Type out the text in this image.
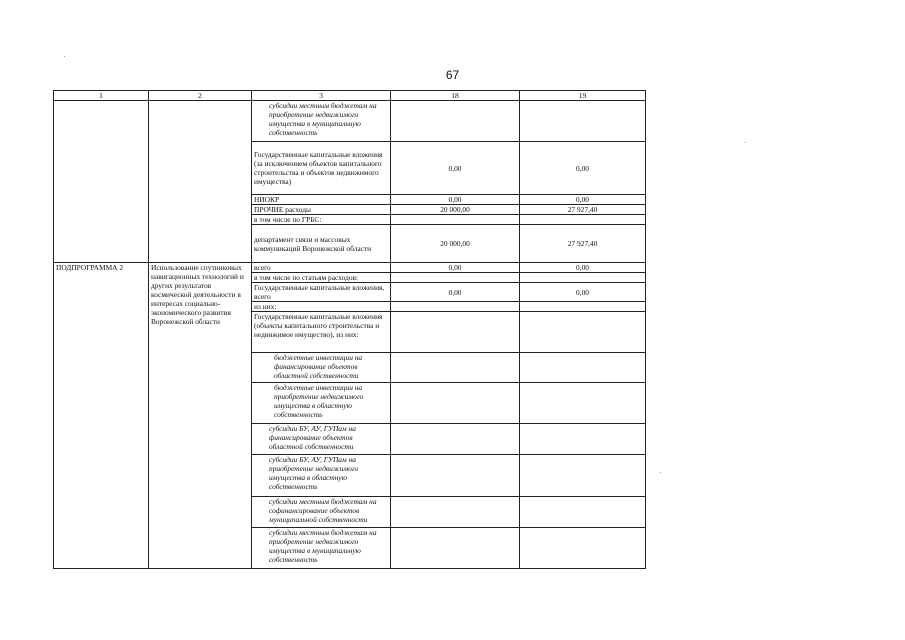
67
·
·
·
1	2	3	18	19
		субсидии местным бюджетам на приобретение недвижимого имущества в муниципальную собственность		
		Государственные капитальные вложения (за исключением объектов капитального строительства и объектов недвижимого имущества)	0,00	0,00
		НИОКР	0,00	0,00
		ПРОЧИЕ расходы	20 000,00	27 927,40
		в том числе по ГРБС:		
		департамент связи и массовых коммуникаций Воронежской области	20 000,00	27 927,40
ПОДПРОГРАММА 2	Использование спутниковых навигационных технологий и других результатов космической деятельности в интересах социально-экономического развития Воронежской области	всего	0,00	0,00
		в том числе по статьям расходов:		
		Государственные капитальные вложения, всего	0,00	0,00
		из них:		
		Государственные капитальные вложения (объекты капитального строительства и недвижимое имущество), из них:		
		бюджетные инвестиции на финансирование объектов областной собственности		
		бюджетные инвестиции на приобретение недвижимого имущества в областную собственность		
		субсидии БУ, АУ, ГУПам на финансирование объектов областной собственности		
		субсидии БУ, АУ, ГУПам на приобретение недвижимого имущества в областную собственность		
		субсидии местным бюджетам на софинансирование объектов муниципальной собственности		
		субсидии местным бюджетам на приобретение недвижимого имущества в муниципальную собственность		
